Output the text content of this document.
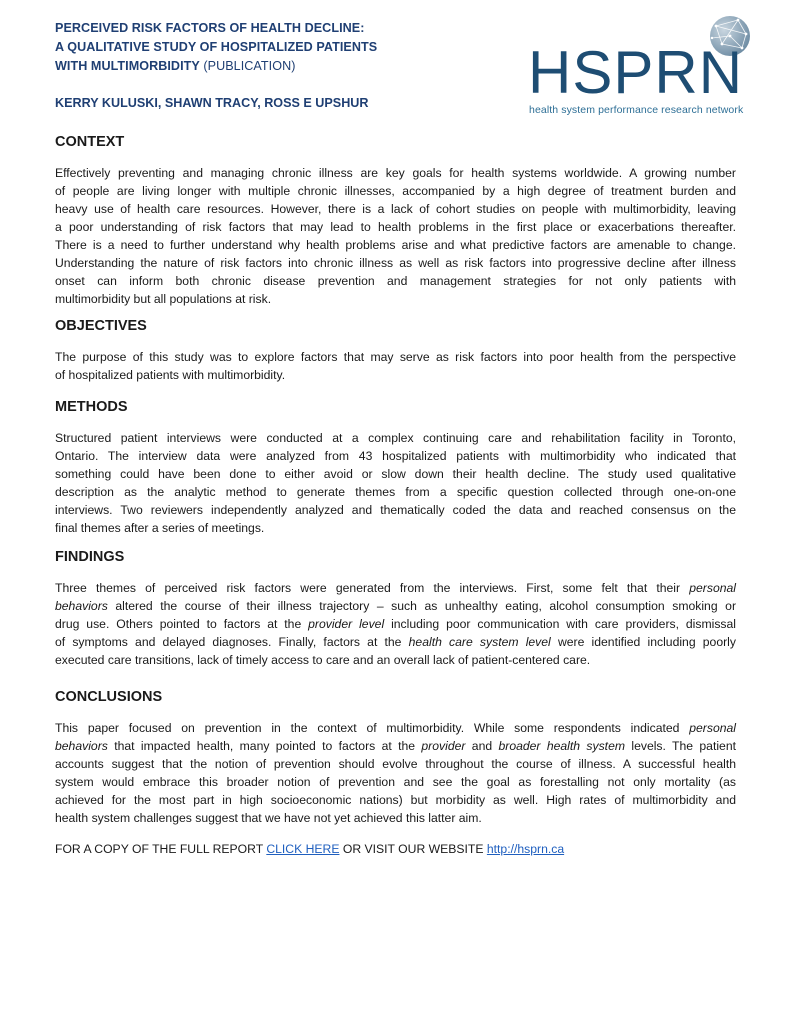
PERCEIVED RISK FACTORS OF HEALTH DECLINE:
A QUALITATIVE STUDY OF HOSPITALIZED PATIENTS
WITH MULTIMORBIDITY (PUBLICATION)
KERRY KULUSKI, SHAWN TRACY, ROSS E UPSHUR	HSPRN
health system performance research network
CONTEXT

Effectively preventing and managing chronic illness are key goals for health systems worldwide. A growing number
of people are living longer with multiple chronic illnesses, accompanied by a high degree of treatment burden and
heavy use of health care resources. However, there is a lack of cohort studies on people with multimorbidity, leaving
a poor understanding of risk factors that may lead to health problems in the first place or exacerbations thereafter.
There is a need to further understand why health problems arise and what predictive factors are amenable to change.
Understanding the nature of risk factors into chronic illness as well as risk factors into progressive decline after illness
onset can inform both chronic disease prevention and management strategies for not only patients with
multimorbidity but all populations at risk.

OBJECTIVES

The purpose of this study was to explore factors that may serve as risk factors into poor health from the perspective
of hospitalized patients with multimorbidity.

METHODS

Structured patient interviews were conducted at a complex continuing care and rehabilitation facility in Toronto,
Ontario. The interview data were analyzed from 43 hospitalized patients with multimorbidity who indicated that
something could have been done to either avoid or slow down their health decline. The study used qualitative
description as the analytic method to generate themes from a specific question collected through one-on-one
interviews. Two reviewers independently analyzed and thematically coded the data and reached consensus on the
final themes after a series of meetings.

FINDINGS

Three themes of perceived risk factors were generated from the interviews. First, some felt that their personal
behaviors altered the course of their illness trajectory – such as unhealthy eating, alcohol consumption smoking or
drug use. Others pointed to factors at the provider level including poor communication with care providers, dismissal
of symptoms and delayed diagnoses. Finally, factors at the health care system level were identified including poorly
executed care transitions, lack of timely access to care and an overall lack of patient-centered care.

CONCLUSIONS

This paper focused on prevention in the context of multimorbidity. While some respondents indicated personal
behaviors that impacted health, many pointed to factors at the provider and broader health system levels. The patient
accounts suggest that the notion of prevention should evolve throughout the course of illness. A successful health
system would embrace this broader notion of prevention and see the goal as forestalling not only mortality (as
achieved for the most part in high socioeconomic nations) but morbidity as well. High rates of multimorbidity and
health system challenges suggest that we have not yet achieved this latter aim.

FOR A COPY OF THE FULL REPORT CLICK HERE OR VISIT OUR WEBSITE http://hsprn.ca
